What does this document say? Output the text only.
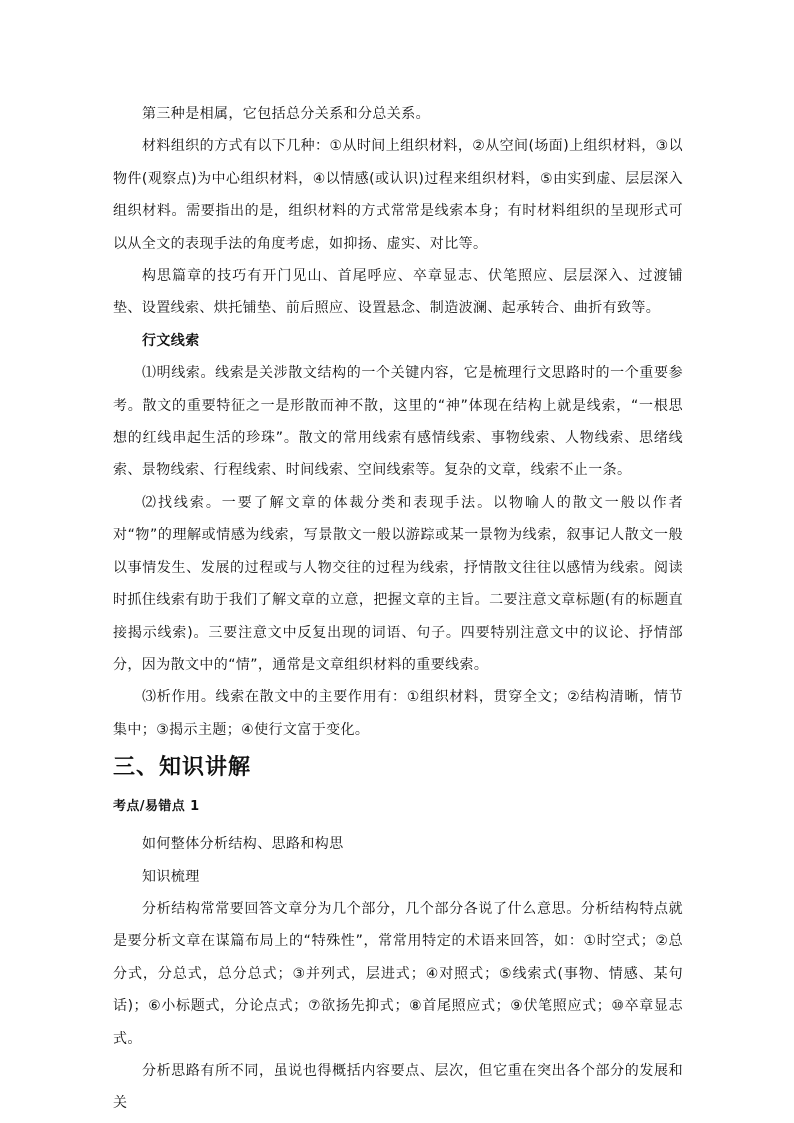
第三种是相属，它包括总分关系和分总关系。

材料组织的方式有以下几种：①从时间上组织材料，②从空间(场面)上组织材料，③以物件(观察点)为中心组织材料，④以情感(或认识)过程来组织材料，⑤由实到虚、层层深入组织材料。需要指出的是，组织材料的方式常常是线索本身；有时材料组织的呈现形式可以从全文的表现手法的角度考虑，如抑扬、虚实、对比等。

构思篇章的技巧有开门见山、首尾呼应、卒章显志、伏笔照应、层层深入、过渡铺垫、设置线索、烘托铺垫、前后照应、设置悬念、制造波澜、起承转合、曲折有致等。

行文线索

⑴明线索。线索是关涉散文结构的一个关键内容，它是梳理行文思路时的一个重要参考。散文的重要特征之一是形散而神不散，这里的“神”体现在结构上就是线索，“一根思想的红线串起生活的珍珠”。散文的常用线索有感情线索、事物线索、人物线索、思绪线索、景物线索、行程线索、时间线索、空间线索等。复杂的文章，线索不止一条。

⑵找线索。一要了解文章的体裁分类和表现手法。以物喻人的散文一般以作者对“物”的理解或情感为线索，写景散文一般以游踪或某一景物为线索，叙事记人散文一般以事情发生、发展的过程或与人物交往的过程为线索，抒情散文往往以感情为线索。阅读时抓住线索有助于我们了解文章的立意，把握文章的主旨。二要注意文章标题(有的标题直接揭示线索)。三要注意文中反复出现的词语、句子。四要特别注意文中的议论、抒情部分，因为散文中的“情”，通常是文章组织材料的重要线索。

⑶析作用。线索在散文中的主要作用有：①组织材料，贯穿全文；②结构清晰，情节集中；③揭示主题；④使行文富于变化。

三、知识讲解

考点/易错点 1

如何整体分析结构、思路和构思

知识梳理

分析结构常常要回答文章分为几个部分，几个部分各说了什么意思。分析结构特点就是要分析文章在谋篇布局上的“特殊性”，常常用特定的术语来回答，如：①时空式；②总分式，分总式，总分总式；③并列式，层进式；④对照式；⑤线索式(事物、情感、某句话)；⑥小标题式，分论点式；⑦欲扬先抑式；⑧首尾照应式；⑨伏笔照应式；⑩卒章显志式。

分析思路有所不同，虽说也得概括内容要点、层次，但它重在突出各个部分的发展和关
